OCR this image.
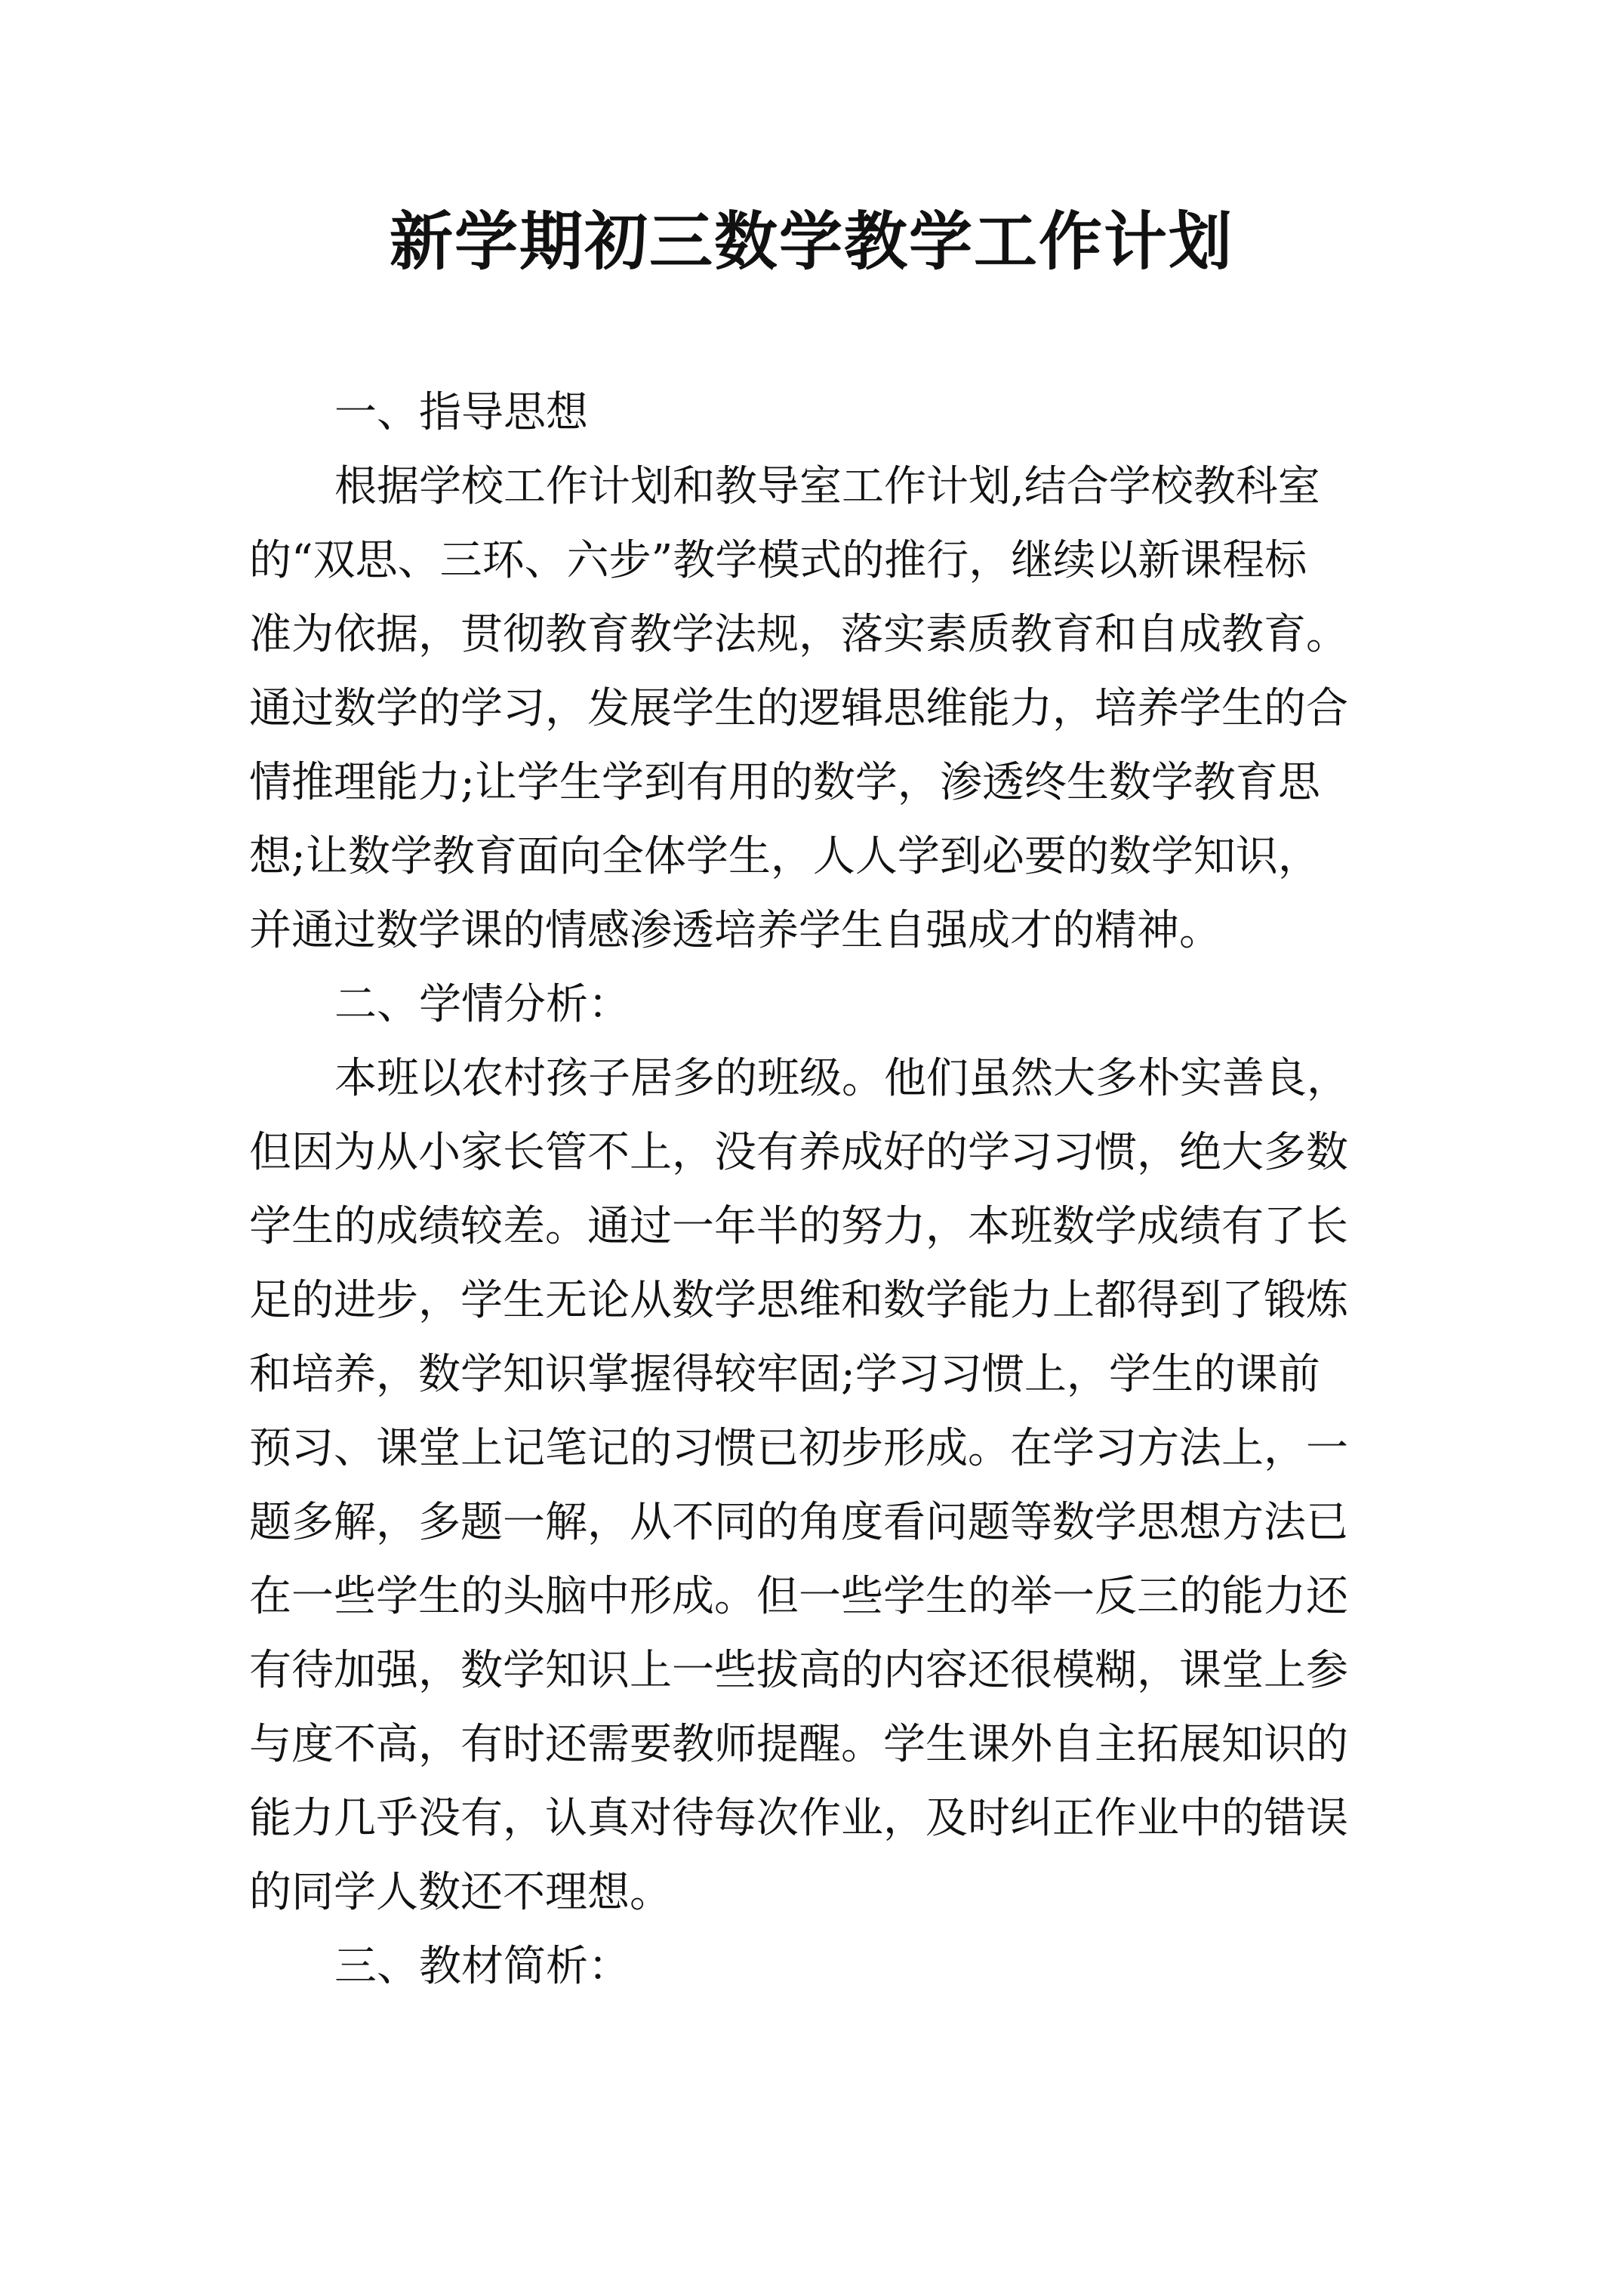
新学期初三数学教学工作计划
一、指导思想
根据学校工作计划和教导室工作计划,结合学校教科室
的“双思、三环、六步”教学模式的推行，继续以新课程标
准为依据，贯彻教育教学法规，落实素质教育和自成教育。
通过数学的学习，发展学生的逻辑思维能力，培养学生的合
情推理能力;让学生学到有用的数学，渗透终生数学教育思
想;让数学教育面向全体学生，人人学到必要的数学知识，
并通过数学课的情感渗透培养学生自强成才的精神。
二、学情分析：
本班以农村孩子居多的班级。他们虽然大多朴实善良，
但因为从小家长管不上，没有养成好的学习习惯，绝大多数
学生的成绩较差。通过一年半的努力，本班数学成绩有了长
足的进步，学生无论从数学思维和数学能力上都得到了锻炼
和培养，数学知识掌握得较牢固;学习习惯上，学生的课前
预习、课堂上记笔记的习惯已初步形成。在学习方法上，一
题多解，多题一解，从不同的角度看问题等数学思想方法已
在一些学生的头脑中形成。但一些学生的举一反三的能力还
有待加强，数学知识上一些拔高的内容还很模糊，课堂上参
与度不高，有时还需要教师提醒。学生课外自主拓展知识的
能力几乎没有，认真对待每次作业，及时纠正作业中的错误
的同学人数还不理想。
三、教材简析：
